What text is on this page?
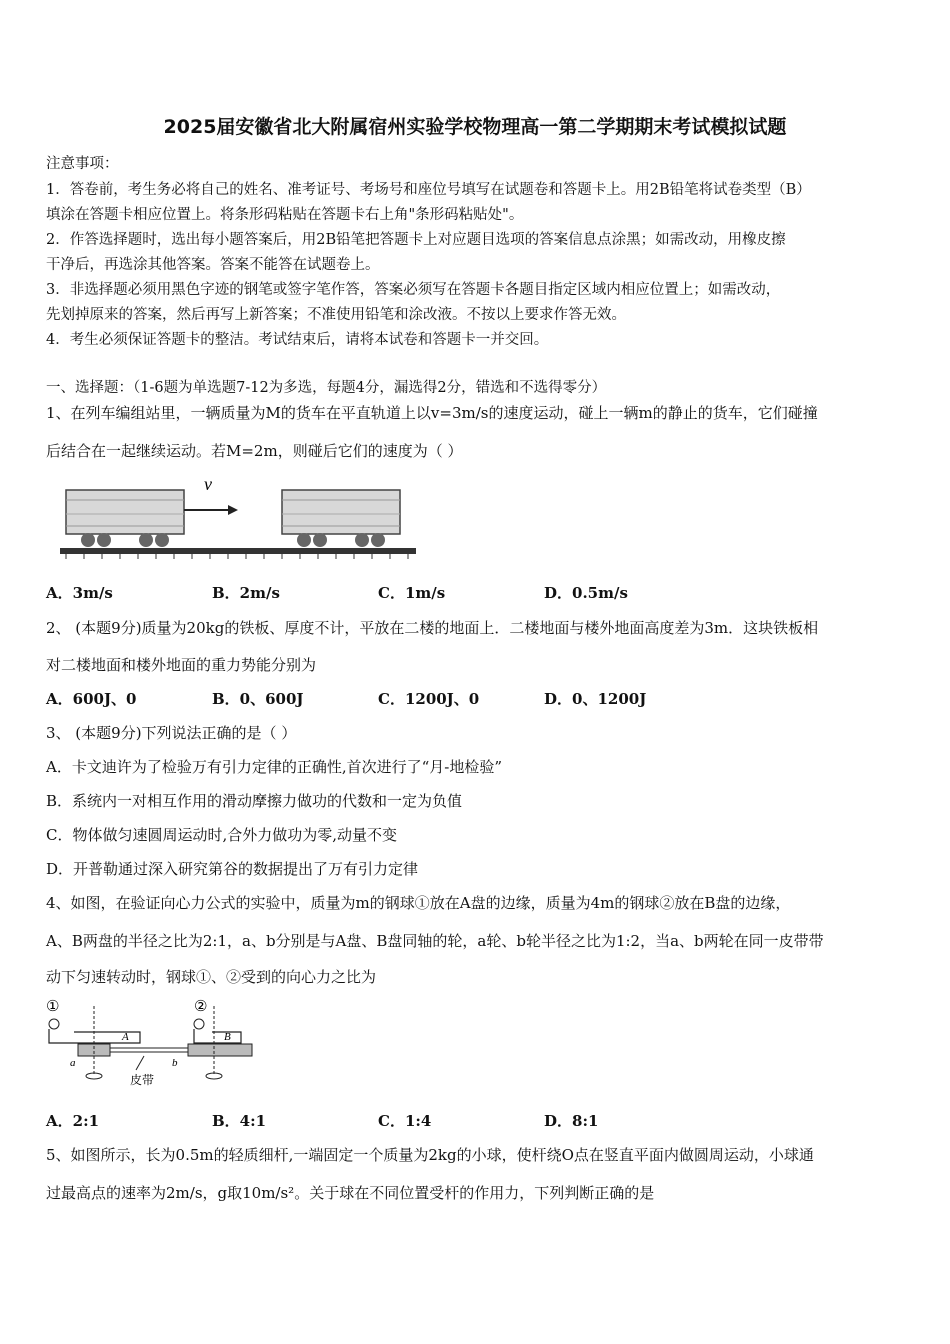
2025届安徽省北大附属宿州实验学校物理高一第二学期期末考试模拟试题
注意事项：
1．答卷前，考生务必将自己的姓名、准考证号、考场号和座位号填写在试题卷和答题卡上。用2B铅笔将试卷类型（B）
填涂在答题卡相应位置上。将条形码粘贴在答题卡右上角"条形码粘贴处"。
2．作答选择题时，选出每小题答案后，用2B铅笔把答题卡上对应题目选项的答案信息点涂黑；如需改动，用橡皮擦
干净后，再选涂其他答案。答案不能答在试题卷上。
3．非选择题必须用黑色字迹的钢笔或签字笔作答，答案必须写在答题卡各题目指定区域内相应位置上；如需改动，
先划掉原来的答案，然后再写上新答案；不准使用铅笔和涂改液。不按以上要求作答无效。
4．考生必须保证答题卡的整洁。考试结束后，请将本试卷和答题卡一并交回。
一、选择题：（1-6题为单选题7-12为多选，每题4分，漏选得2分，错选和不选得零分）
1、在列车编组站里，一辆质量为M的货车在平直轨道上以v=3m/s的速度运动，碰上一辆m的静止的货车，它们碰撞
后结合在一起继续运动。若M=2m，则碰后它们的速度为（ ）
v
A．3m/s	B．2m/s	C．1m/s	D．0.5m/s
2、 (本题9分)质量为20kg的铁板、厚度不计，平放在二楼的地面上．二楼地面与楼外地面高度差为3m．这块铁板相
对二楼地面和楼外地面的重力势能分别为
A．600J、0	B．0、600J	C．1200J、0	D．0、1200J
3、 (本题9分)下列说法正确的是（ ）
A．卡文迪许为了检验万有引力定律的正确性,首次进行了“月-地检验”
B．系统内一对相互作用的滑动摩擦力做功的代数和一定为负值
C．物体做匀速圆周运动时,合外力做功为零,动量不变
D．开普勒通过深入研究第谷的数据提出了万有引力定律
4、如图，在验证向心力公式的实验中，质量为m的钢球①放在A盘的边缘，质量为4m的钢球②放在B盘的边缘，
A、B两盘的半径之比为2:1，a、b分别是与A盘、B盘同轴的轮，a轮、b轮半径之比为1:2，当a、b两轮在同一皮带带
动下匀速转动时，钢球①、②受到的向心力之比为
①	②
A	B
a	b
皮带
A．2:1	B．4:1	C．1:4	D．8:1
5、如图所示，长为0.5m的轻质细杆,一端固定一个质量为2kg的小球，使杆绕O点在竖直平面内做圆周运动，小球通
过最高点的速率为2m/s，g取10m/s²。关于球在不同位置受杆的作用力，下列判断正确的是
